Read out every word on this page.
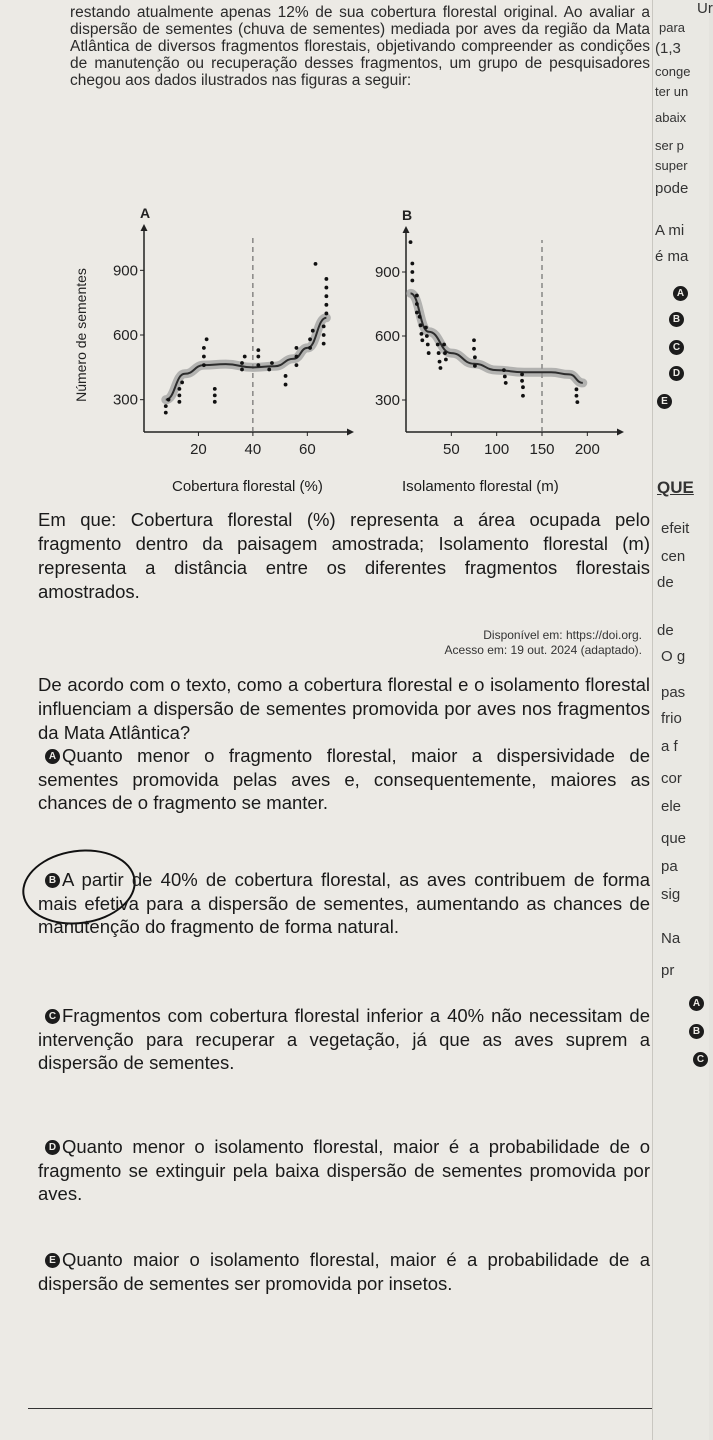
restando atualmente apenas 12% de sua cobertura florestal original. Ao avaliar a dispersão de sementes (chuva de sementes) mediada por aves da região da Mata Atlântica de diversos fragmentos florestais, objetivando compreender as condições de manutenção ou recuperação desses fragmentos, um grupo de pesquisadores chegou aos dados ilustrados nas figuras a seguir:

A
20	40	60
300
600
900
Número de sementes
B
50 100 150 200
300
600
900
Cobertura florestal (%)	Isolamento florestal (m)
Em que: Cobertura florestal (%) representa a área ocupada pelo fragmento dentro da paisagem amostrada; Isolamento florestal (m) representa a distância entre os diferentes fragmentos florestais amostrados.
Disponível em: https://doi.org.
Acesso em: 19 out. 2024 (adaptado).
De acordo com o texto, como a cobertura florestal e o isolamento florestal influenciam a dispersão de sementes promovida por aves nos fragmentos da Mata Atlântica?
A Quanto menor o fragmento florestal, maior a dispersividade de sementes promovida pelas aves e, consequentemente, maiores as chances de o fragmento se manter.
B A partir de 40% de cobertura florestal, as aves contribuem de forma mais efetiva para a dispersão de sementes, aumentando as chances de manutenção do fragmento de forma natural.
C Fragmentos com cobertura florestal inferior a 40% não necessitam de intervenção para recuperar a vegetação, já que as aves suprem a dispersão de sementes.
D Quanto menor o isolamento florestal, maior é a probabilidade de o fragmento se extinguir pela baixa dispersão de sementes promovida por aves.
E Quanto maior o isolamento florestal, maior é a probabilidade de a dispersão de sementes ser promovida por insetos.
Ur
para
(1,3
conge
ter un
abaix
ser p
super
pode
A mi
é ma
A
B
C
D
E
QUE
efeit
cen
de
de
O g
pas
frio
a f
cor
ele
que
pa
sig
Na
pr
A
B
C
